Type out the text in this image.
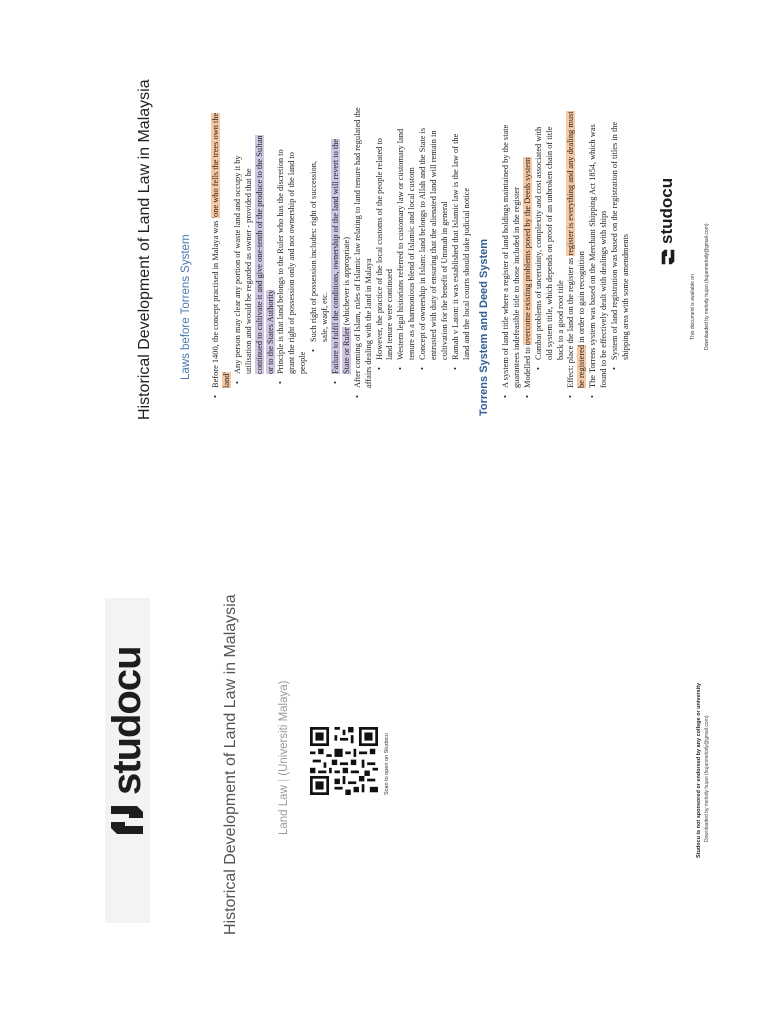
studocu	Historical Development of Land Law in Malaysia	Land Law | (Universiti Malaya)	Scan to open on Studocu	Studocu is not sponsored or endorsed by any college or university Downloaded by melody hujan (hujanmelody@gmail.com)
Historical Development of Land Law in Malaysia Laws before Torrens System
•
Before 1400, the concept practised in Malaya was 'one who fells the trees own the
land' •
Any person may clear any portion of waste land and occupy it by utilisation and would be regarded as owner - provided that he continued to cultivate it and give one-tenth of the produce to the Sultan or to the States Authority
•
Principle is that land belongs to the Ruler who has the discretion to grant the right of possession only and not ownership of the land to people
•
Such right of possession includes: right of succession, sale, waqf, etc.
•
Failure to fulfil the conditions, ownership of the land will revert to the State or Ruler (whichever is appropriate)
•
After coming of Islam, rules of Islamic law relating to land tenure had regulated the affairs dealing with the land in Malaya •
However, the practice of the local customs of the people related to land tenure were continued
•
Western legal historians referred to customary law or customary land tenure as a harmonious blend of Islamic and local custom
•
Concept of ownership in Islam: land belongs to Allah and the State is entrusted with duty of ensuring that the alienated land will remain in cultivation for the benefit of Ummah in general
•
Ramah v Laton: it was established that Islamic law is the law of the land and the local courts should take judicial notice Torrens System and Deed System •
A system of land title where a register of land holdings maintained by the state guarantees indefeasible title to those included in the register
•
Modelled to overcome existing problems posed by the Deeds system
•
Combat problems of uncertainty, complexity and cost associated with old system title, which depends on proof of an unbroken chain of title back to a good root title
•
Effect: place the land on the register as register is everything and any dealing must
be registered in order to gain recognition
•
The Torrens system was based on the Merchant Shipping Act 1854, which was found to be effectively dealt with dealings with ships •
System of land registration was based on the registration of titles in the shipping area with some amendments
studocu
This document is available on Downloaded by melody hujan (hujanmelody@gmail.com)
